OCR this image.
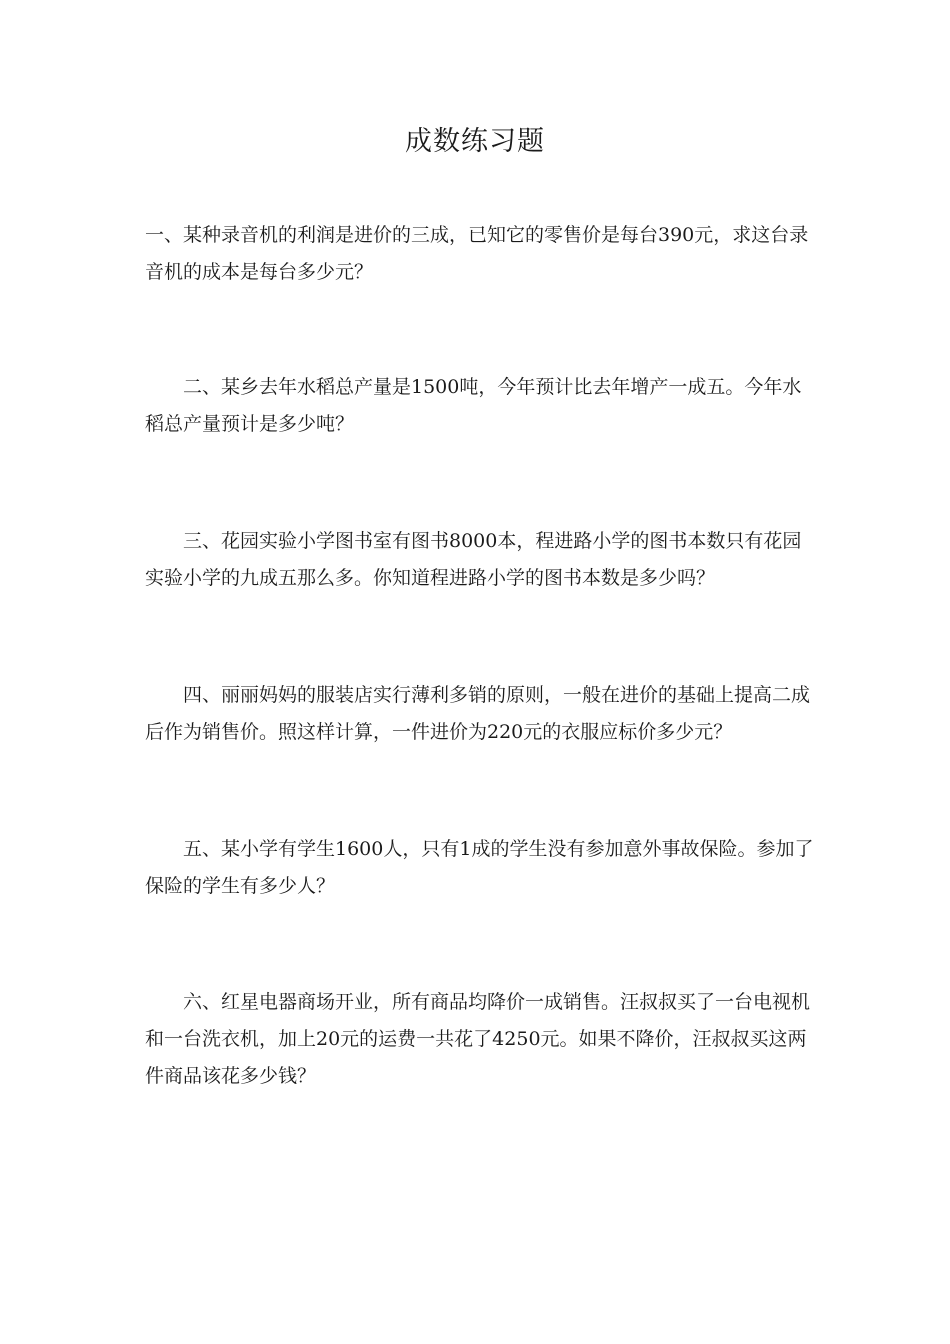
成数练习题

一、某种录音机的利润是进价的三成，已知它的零售价是每台390元，求这台录音机的成本是每台多少元？

二、某乡去年水稻总产量是1500吨，今年预计比去年增产一成五。今年水稻总产量预计是多少吨？

三、花园实验小学图书室有图书8000本，程进路小学的图书本数只有花园实验小学的九成五那么多。你知道程进路小学的图书本数是多少吗？

四、丽丽妈妈的服装店实行薄利多销的原则，一般在进价的基础上提高二成后作为销售价。照这样计算，一件进价为220元的衣服应标价多少元？

五、某小学有学生1600人，只有1成的学生没有参加意外事故保险。参加了保险的学生有多少人？

六、红星电器商场开业，所有商品均降价一成销售。汪叔叔买了一台电视机和一台洗衣机，加上20元的运费一共花了4250元。如果不降价，汪叔叔买这两件商品该花多少钱？
